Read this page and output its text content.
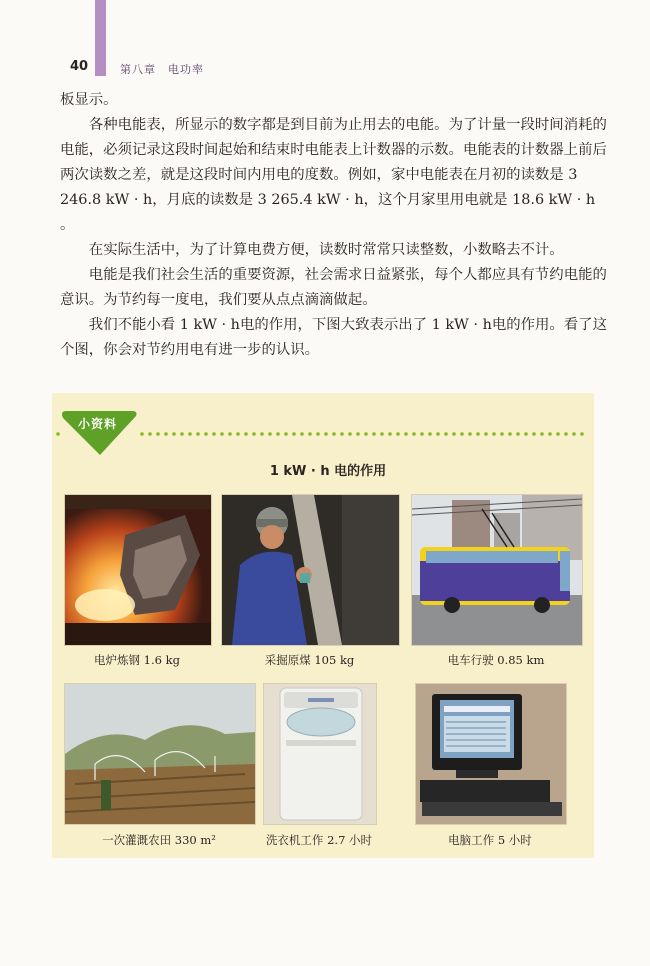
40	第八章　电功率

板显示。

各种电能表，所显示的数字都是到目前为止用去的电能。为了计量一段时间消耗的电能，必须记录这段时间起始和结束时电能表上计数器的示数。电能表的计数器上前后两次读数之差，就是这段时间内用电的度数。例如，家中电能表在月初的读数是 3 246.8 kW · h，月底的读数是 3 265.4 kW · h，这个月家里用电就是 18.6 kW · h 。

在实际生活中，为了计算电费方便，读数时常常只读整数，小数略去不计。

电能是我们社会生活的重要资源，社会需求日益紧张，每个人都应具有节约电能的意识。为节约每一度电，我们要从点点滴滴做起。

我们不能小看 1 kW · h电的作用，下图大致表示出了 1 kW · h电的作用。看了这个图，你会对节约用电有进一步的认识。

小资料
1 kW · h 电的作用
电炉炼钢 1.6 kg	采掘原煤 105 kg	电车行驶 0.85 km
一次灌溉农田 330 m²	洗衣机工作 2.7 小时	电脑工作 5 小时
